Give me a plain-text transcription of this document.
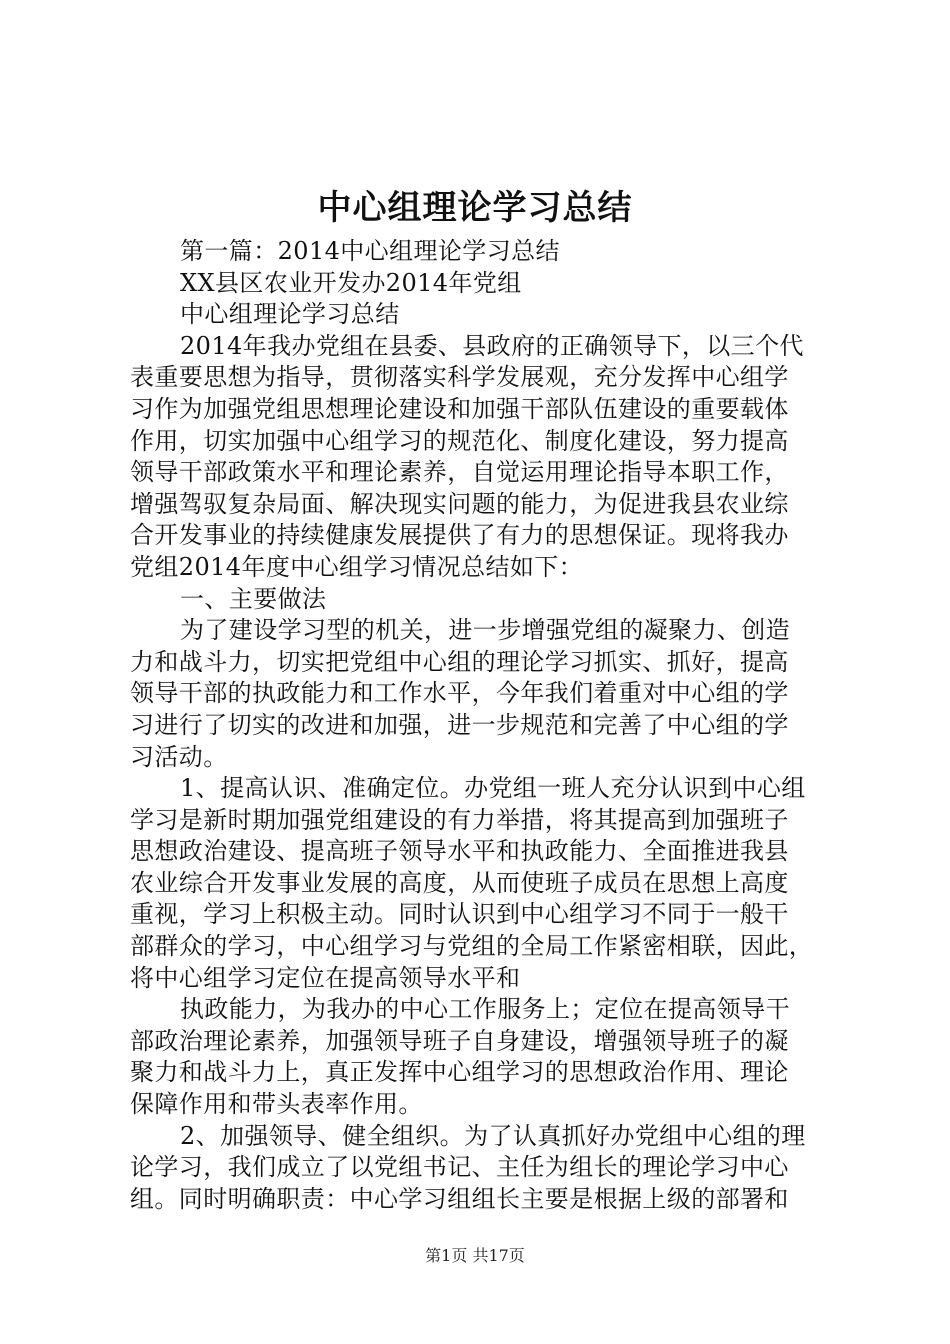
中心组理论学习总结
第一篇：2014中心组理论学习总结
XX县区农业开发办2014年党组
中心组理论学习总结
2014年我办党组在县委、县政府的正确领导下，以三个代
表重要思想为指导，贯彻落实科学发展观，充分发挥中心组学
习作为加强党组思想理论建设和加强干部队伍建设的重要载体
作用，切实加强中心组学习的规范化、制度化建设，努力提高
领导干部政策水平和理论素养，自觉运用理论指导本职工作，
增强驾驭复杂局面、解决现实问题的能力，为促进我县农业综
合开发事业的持续健康发展提供了有力的思想保证。现将我办
党组2014年度中心组学习情况总结如下：
一、主要做法
为了建设学习型的机关，进一步增强党组的凝聚力、创造
力和战斗力，切实把党组中心组的理论学习抓实、抓好，提高
领导干部的执政能力和工作水平，今年我们着重对中心组的学
习进行了切实的改进和加强，进一步规范和完善了中心组的学
习活动。
1、提高认识、准确定位。办党组一班人充分认识到中心组
学习是新时期加强党组建设的有力举措，将其提高到加强班子
思想政治建设、提高班子领导水平和执政能力、全面推进我县
农业综合开发事业发展的高度，从而使班子成员在思想上高度
重视，学习上积极主动。同时认识到中心组学习不同于一般干
部群众的学习，中心组学习与党组的全局工作紧密相联，因此，
将中心组学习定位在提高领导水平和
执政能力，为我办的中心工作服务上；定位在提高领导干
部政治理论素养，加强领导班子自身建设，增强领导班子的凝
聚力和战斗力上，真正发挥中心组学习的思想政治作用、理论
保障作用和带头表率作用。
2、加强领导、健全组织。为了认真抓好办党组中心组的理
论学习，我们成立了以党组书记、主任为组长的理论学习中心
组。同时明确职责：中心学习组组长主要是根据上级的部署和
第1页 共17页
